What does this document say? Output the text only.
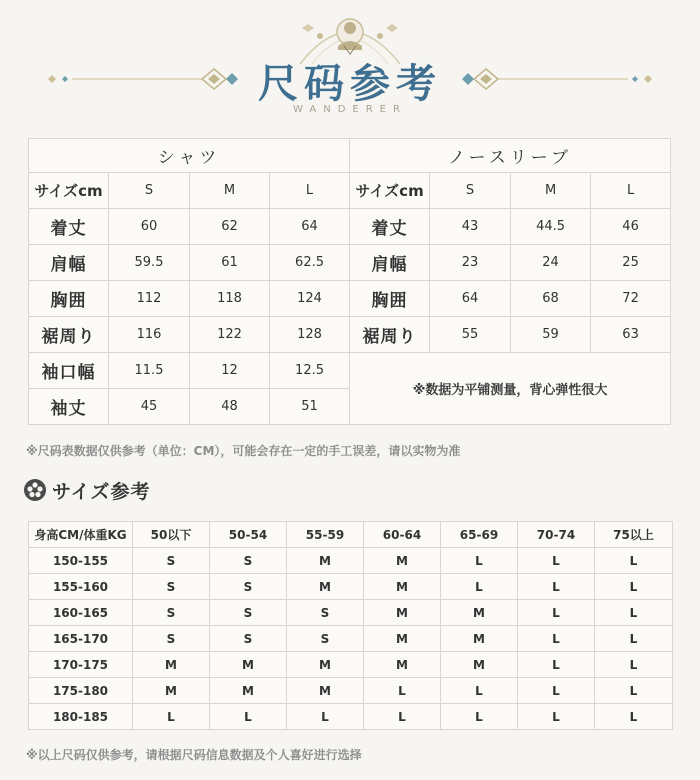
尺码参考
WANDERER
シャツ				ノースリーブ			
サイズcm	S	M	L	サイズcm	S	M	L
着丈	60	62	64	着丈	43	44.5	46
肩幅	59.5	61	62.5	肩幅	23	24	25
胸囲	112	118	124	胸囲	64	68	72
裾周り	116	122	128	裾周り	55	59	63
袖口幅	11.5	12	12.5	※数据为平铺测量，背心弹性很大			
袖丈	45	48	51				
※尺码表数据仅供参考（单位：CM），可能会存在一定的手工误差，请以实物为准
サイズ参考
身高CM/体重KG	50以下	50-54	55-59	60-64	65-69	70-74	75以上
150-155	S	S	M	M	L	L	L
155-160	S	S	M	M	L	L	L
160-165	S	S	S	M	M	L	L
165-170	S	S	S	M	M	L	L
170-175	M	M	M	M	M	L	L
175-180	M	M	M	L	L	L	L
180-185	L	L	L	L	L	L	L
※以上尺码仅供参考，请根据尺码信息数据及个人喜好进行选择
